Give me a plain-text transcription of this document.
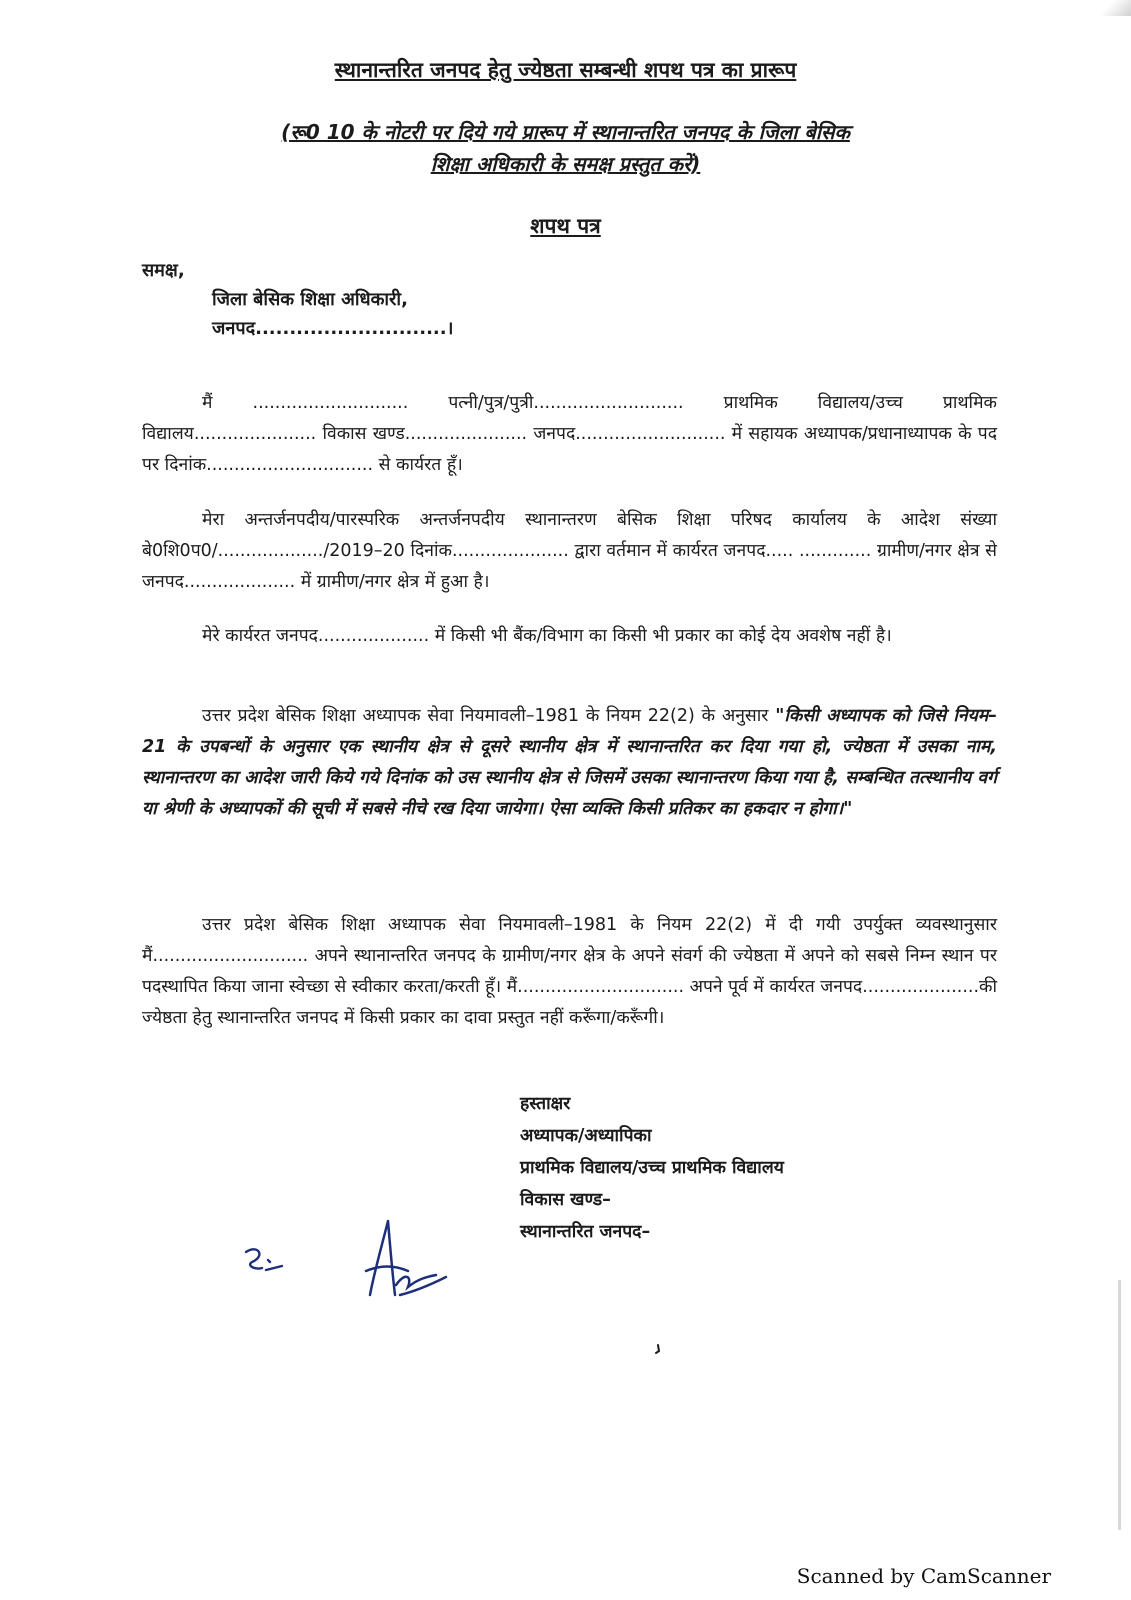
स्थानान्तरित जनपद हेतु ज्येष्ठता सम्बन्धी शपथ पत्र का प्रारूप
(रू0 10 के नोटरी पर दिये गये प्रारूप में स्थानान्तरित जनपद के जिला बेसिक
शिक्षा अधिकारी के समक्ष प्रस्तुत करें)
शपथ पत्र
समक्ष,
जिला बेसिक शिक्षा अधिकारी,
जनपद............................।
मैं ............................ पत्नी/पुत्र/पुत्री........................... प्राथमिक विद्यालय/उच्च प्राथमिक विद्यालय...................... विकास खण्ड...................... जनपद........................... में सहायक अध्यापक/प्रधानाध्यापक के पद पर दिनांक.............................. से कार्यरत हूँ।
मेरा अन्तर्जनपदीय/पारस्परिक अन्तर्जनपदीय स्थानान्तरण बेसिक शिक्षा परिषद कार्यालय के आदेश संख्या बे0शि0प0/.................../2019–20 दिनांक..................... द्वारा वर्तमान में कार्यरत जनपद..... ............. ग्रामीण/नगर क्षेत्र से जनपद.................... में ग्रामीण/नगर क्षेत्र में हुआ है।
मेरे कार्यरत जनपद.................... में किसी भी बैंक/विभाग का किसी भी प्रकार का कोई देय अवशेष नहीं है।
उत्तर प्रदेश बेसिक शिक्षा अध्यापक सेवा नियमावली–1981 के नियम 22(2) के अनुसार "किसी अध्यापक को जिसे नियम–21 के उपबन्धों के अनुसार एक स्थानीय क्षेत्र से दूसरे स्थानीय क्षेत्र में स्थानान्तरित कर दिया गया हो, ज्येष्ठता में उसका नाम, स्थानान्तरण का आदेश जारी किये गये दिनांक को उस स्थानीय क्षेत्र से जिसमें उसका स्थानान्तरण किया गया है, सम्बन्धित तत्स्थानीय वर्ग या श्रेणी के अध्यापकों की सूची में सबसे नीचे रख दिया जायेगा। ऐसा व्यक्ति किसी प्रतिकर का हकदार न होगा।"
उत्तर प्रदेश बेसिक शिक्षा अध्यापक सेवा नियमावली–1981 के नियम 22(2) में दी गयी उपर्युक्त व्यवस्थानुसार मैं............................ अपने स्थानान्तरित जनपद के ग्रामीण/नगर क्षेत्र के अपने संवर्ग की ज्येष्ठता में अपने को सबसे निम्न स्थान पर पदस्थापित किया जाना स्वेच्छा से स्वीकार करता/करती हूँ। मैं.............................. अपने पूर्व में कार्यरत जनपद.....................की ज्येष्ठता हेतु स्थानान्तरित जनपद में किसी प्रकार का दावा प्रस्तुत नहीं करूँगा/करूँगी।
हस्ताक्षर
अध्यापक/अध्यापिका
प्राथमिक विद्यालय/उच्च प्राथमिक विद्यालय
विकास खण्ड–
स्थानान्तरित जनपद–
Scanned by CamScanner
